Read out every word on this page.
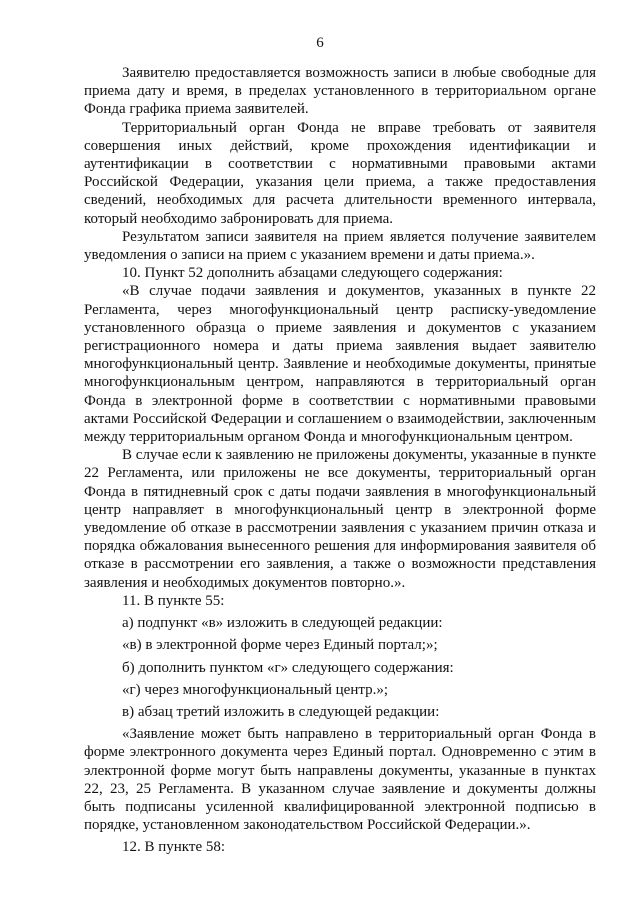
6

Заявителю предоставляется возможность записи в любые свободные для приема дату и время, в пределах установленного в территориальном органе Фонда графика приема заявителей.

Территориальный орган Фонда не вправе требовать от заявителя совершения иных действий, кроме прохождения идентификации и аутентификации в соответствии с нормативными правовыми актами Российской Федерации, указания цели приема, а также предоставления сведений, необходимых для расчета длительности временного интервала, который необходимо забронировать для приема.

Результатом записи заявителя на прием является получение заявителем уведомления о записи на прием с указанием времени и даты приема.».

10. Пункт 52 дополнить абзацами следующего содержания:

«В случае подачи заявления и документов, указанных в пункте 22 Регламента, через многофункциональный центр расписку-уведомление установленного образца о приеме заявления и документов с указанием регистрационного номера и даты приема заявления выдает заявителю многофункциональный центр. Заявление и необходимые документы, принятые многофункциональным центром, направляются в территориальный орган Фонда в электронной форме в соответствии с нормативными правовыми актами Российской Федерации и соглашением о взаимодействии, заключенным между территориальным органом Фонда и многофункциональным центром.

В случае если к заявлению не приложены документы, указанные в пункте 22 Регламента, или приложены не все документы, территориальный орган Фонда в пятидневный срок с даты подачи заявления в многофункциональный центр направляет в многофункциональный центр в электронной форме уведомление об отказе в рассмотрении заявления с указанием причин отказа и порядка обжалования вынесенного решения для информирования заявителя об отказе в рассмотрении его заявления, а также о возможности представления заявления и необходимых документов повторно.».

11. В пункте 55:

а) подпункт «в» изложить в следующей редакции:

«в) в электронной форме через Единый портал;»;

б) дополнить пунктом «г» следующего содержания:

«г) через многофункциональный центр.»;

в) абзац третий изложить в следующей редакции:

«Заявление может быть направлено в территориальный орган Фонда в форме электронного документа через Единый портал. Одновременно с этим в электронной форме могут быть направлены документы, указанные в пунктах 22, 23, 25 Регламента. В указанном случае заявление и документы должны быть подписаны усиленной квалифицированной электронной подписью в порядке, установленном законодательством Российской Федерации.».

12. В пункте 58:
